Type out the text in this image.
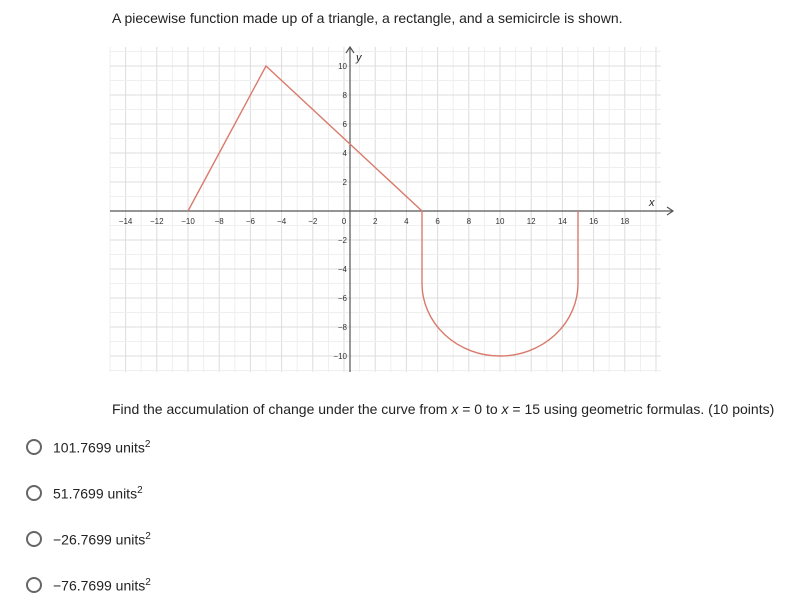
A piecewise function made up of a triangle, a rectangle, and a semicircle is shown.
x
y
−14 −12 −10 −8	−6	−4	−2	2	4	6	8	10	12	14	16	18
0
10
8
6
4
2
−2
−4
−6
−8
−10
Find the accumulation of change under the curve from x = 0 to x = 15 using geometric formulas. (10 points)
101.7699 units$^2$
51.7699 units$^2$
−26.7699 units$^2$
−76.7699 units$^2$
